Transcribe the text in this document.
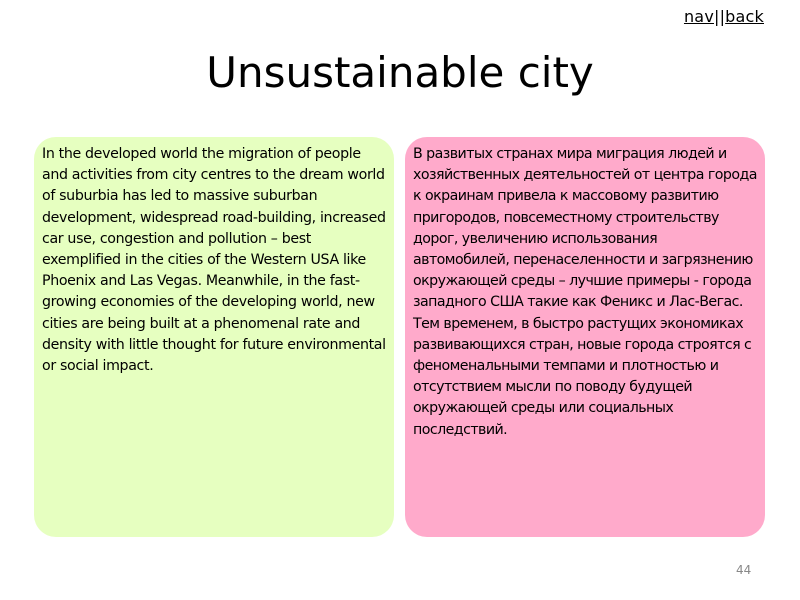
nav||back
Unsustainable city
In the developed world the migration of people and activities from city centres to the dream world of suburbia has led to massive suburban development, widespread road-building, increased car use, congestion and pollution – best exemplified in the cities of the Western USA like Phoenix and Las Vegas. Meanwhile, in the fast-growing economies of the developing world, new cities are being built at a phenomenal rate and density with little thought for future environmental or social impact.
В развитых странах мира миграция людей и хозяйственных деятельностей от центра города к окраинам привела к массовому развитию пригородов, повсеместному строительству дорог, увеличению использования автомобилей, перенаселенности и загрязнению окружающей среды – лучшие примеры - города западного США такие как Феникс и Лас-Вегас. Тем временем, в быстро растущих экономиках развивающихся стран, новые города строятся с феноменальными темпами и плотностью и отсутствием мысли по поводу будущей окружающей среды или социальных последствий.
44
